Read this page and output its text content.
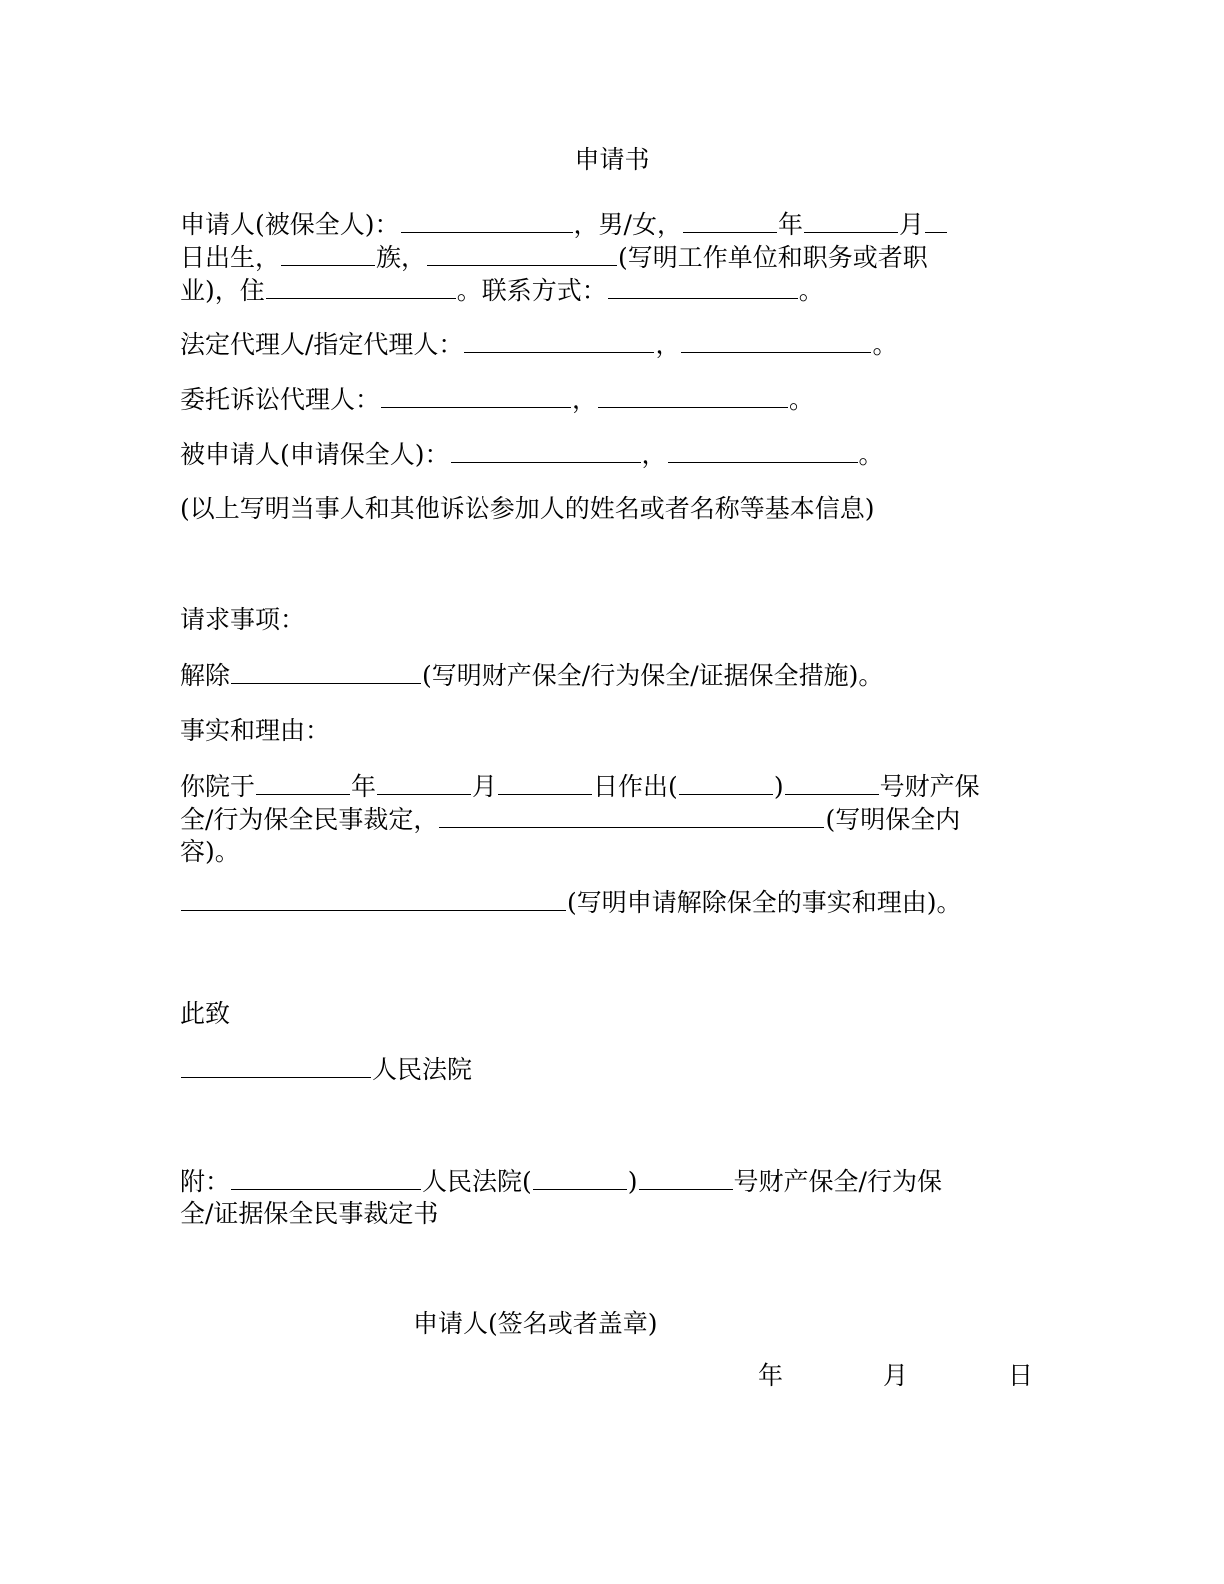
申请书
申请人(被保全人)：	，男/女，	年	月
日出生，	族，	(写明工作单位和职务或者职
业)，住	。联系方式：	。
法定代理人/指定代理人：	，	。
委托诉讼代理人：	，	。
被申请人(申请保全人)：	，	。
(以上写明当事人和其他诉讼参加人的姓名或者名称等基本信息)
请求事项：
解除	(写明财产保全/行为保全/证据保全措施)。
事实和理由：
你院于	年	月	日作出(	)	号财产保
全/行为保全民事裁定，	(写明保全内
容)。
(写明申请解除保全的事实和理由)。
此致
人民法院
附：	人民法院(	)	号财产保全/行为保
全/证据保全民事裁定书
申请人(签名或者盖章)
年	月	日
